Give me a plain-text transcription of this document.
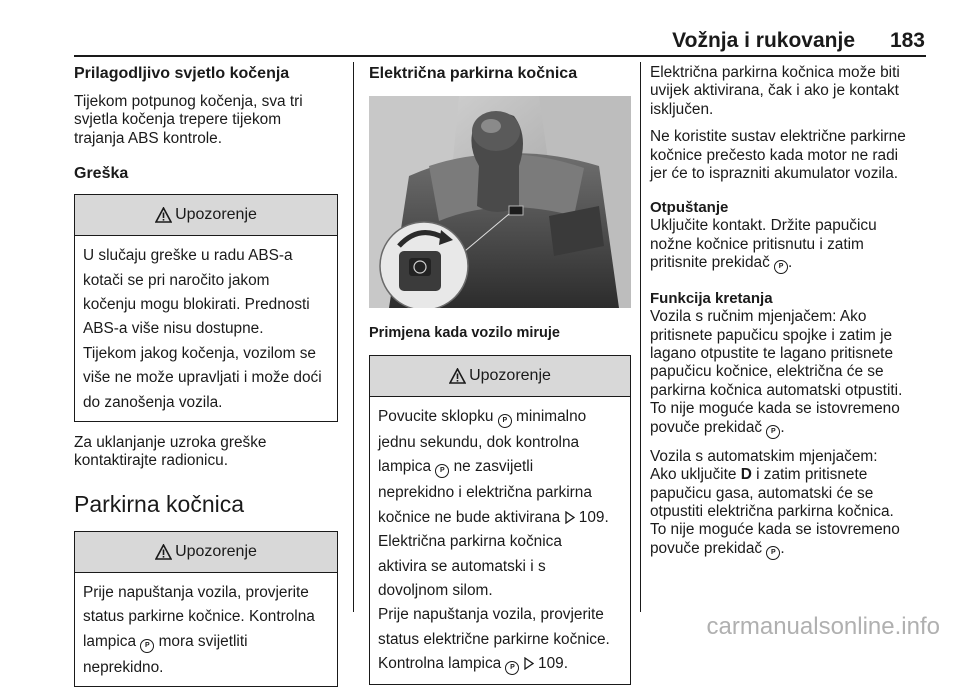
Vožnja i rukovanje	183

Prilagodljivo svjetlo kočenja

Tijekom potpunog kočenja, sva tri
svjetla kočenja trepere tijekom
trajanja ABS kontrole.

Greška

Upozorenje
U slučaju greške u radu ABS-a
kotači se pri naročito jakom
kočenju mogu blokirati. Prednosti
ABS-a više nisu dostupne.
Tijekom jakog kočenja, vozilom se
više ne može upravljati i može doći
do zanošenja vozila.
Za uklanjanje uzroka greške
kontaktirajte radionicu.

Parkirna kočnica

Upozorenje
Prije napuštanja vozila, provjerite
status parkirne kočnice. Kontrolna
lampica P mora svijetliti
neprekidno.

Električna parkirna kočnica

Primjena kada vozilo miruje
Upozorenje
Povucite sklopku P minimalno
jednu sekundu, dok kontrolna
lampica P ne zasvijetli
neprekidno i električna parkirna
kočnice ne bude aktivirana  109.
Električna parkirna kočnica
aktivira se automatski i s
dovoljnom silom.
Prije napuštanja vozila, provjerite
status električne parkirne kočnice.
Kontrolna lampica P  109.
Električna parkirna kočnica može biti
uvijek aktivirana, čak i ako je kontakt
isključen.
Ne koristite sustav električne parkirne
kočnice prečesto kada motor ne radi
jer će to isprazniti akumulator vozila.
Otpuštanje
Uključite kontakt. Držite papučicu
nožne kočnice pritisnutu i zatim
pritisnite prekidač P .
Funkcija kretanja
Vozila s ručnim mjenjačem: Ako
pritisnete papučicu spojke i zatim je
lagano otpustite te lagano pritisnete
papučicu kočnice, električna će se
parkirna kočnica automatski otpustiti.
To nije moguće kada se istovremeno
povuče prekidač P .
Vozila s automatskim mjenjačem:
Ako uključite D i zatim pritisnete
papučicu gasa, automatski će se
otpustiti električna parkirna kočnica.
To nije moguće kada se istovremeno
povuče prekidač P .
carmanualsonline.info
